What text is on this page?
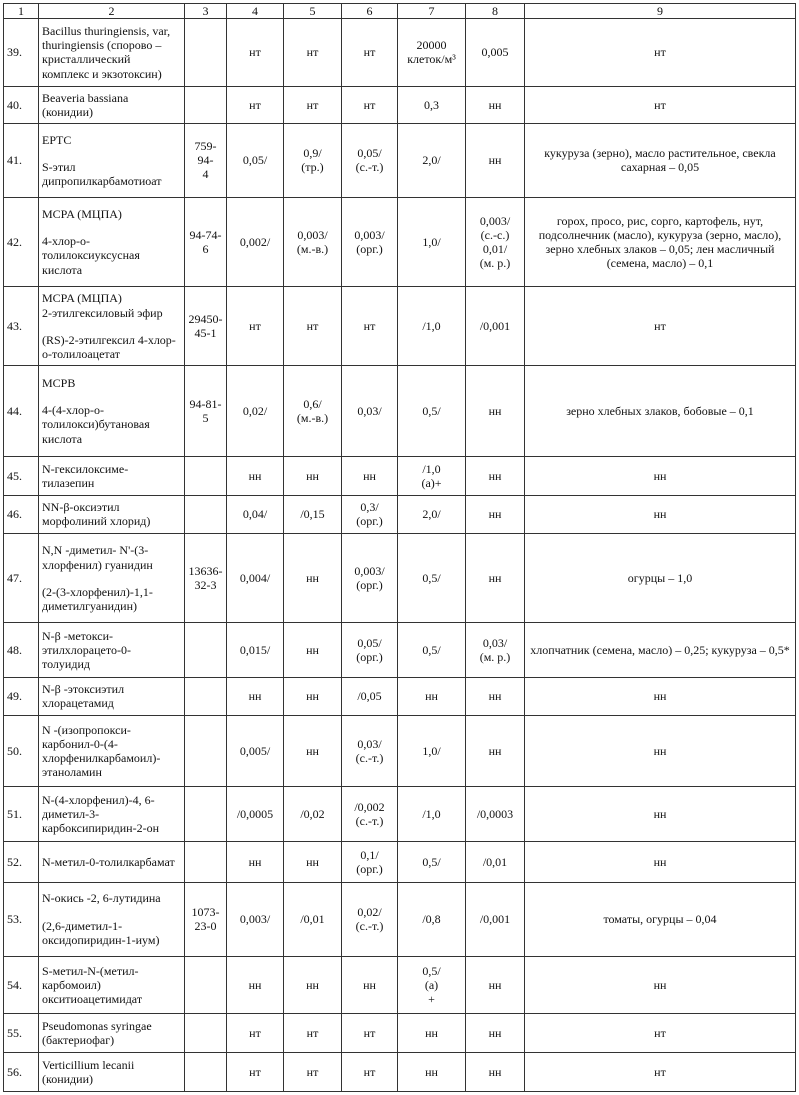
1	2	3	4	5	6	7	8	9
39.	Bacillus thuringiensis, var,
thuringiensis (спорово –
кристаллический
комплекс и экзотоксин)		нт	нт	нт	20000
клеток/м³	0,005	нт

40.	Beaveria bassiana
(конидии)		нт	нт	нт	0,3	нн	нт

41.	EPTC
S-этил
дипропилкарбамотиоат	759-94-
4	0,05/	0,9/
(тр.)	0,05/
(с.-т.)	2,0/	нн	кукуруза (зерно), масло растительное, свекла
сахарная – 0,05

42.	MCPA (МЦПА)
4-хлор-о-
толилоксиуксусная
кислота	94-74-6	0,002/	0,003/
(м.-в.)	0,003/
(орг.)	1,0/	0,003/
(с.-с.)
0,01/
(м. р.)	горох, просо, рис, сорго, картофель, нут,
подсолнечник (масло), кукуруза (зерно, масло),
зерно хлебных злаков – 0,05; лен масличный
(семена, масло) – 0,1

43.	MCPA (МЦПА)
2-этилгексиловый эфир
(RS)-2-этилгексил 4-хлор-
о-толилоацетат	29450-
45-1	нт	нт	нт	/1,0	/0,001	нт

44.	MCPB
4-(4-хлор-о-
толилокси)бутановая
кислота	94-81-5	0,02/	0,6/
(м.-в.)	0,03/	0,5/	нн	зерно хлебных злаков, бобовые – 0,1

45.	N-гексилоксиме-
тилазепин		нн	нн	нн	/1,0
(а)+	нн	нн

46.	NN-β-оксиэтил
морфолиний хлорид)		0,04/	/0,15	0,3/
(орг.)	2,0/	нн	нн

47.	N,N -диметил- N'-(3-
хлорфенил) гуанидин
(2-(3-хлорфенил)-1,1-
диметилгуанидин)	13636-
32-3	0,004/	нн	0,003/
(орг.)	0,5/	нн	огурцы – 1,0

48.	N-β -метокси-
этилхлорацето-0-
толуидид		0,015/	нн	0,05/
(орг.)	0,5/	0,03/
(м. р.)	хлопчатник (семена, масло) – 0,25; кукуруза – 0,5*

49.	N-β -этоксиэтил
хлорацетамид		нн	нн	/0,05	нн	нн	нн

50.	N -(изопропокси-
карбонил-0-(4-
хлорфенилкарбамоил)-
этаноламин		0,005/	нн	0,03/
(с.-т.)	1,0/	нн	нн

51.	N-(4-хлорфенил)-4, 6-
диметил-3-
карбоксипиридин-2-он		/0,0005	/0,02	/0,002
(с.-т.)	/1,0	/0,0003	нн

52.	N-метил-0-толилкарбамат		нн	нн	0,1/
(орг.)	0,5/	/0,01	нн

53.	N-окись -2, 6-лутидина
(2,6-диметил-1-
оксидопиридин-1-иум)	1073-
23-0	0,003/	/0,01	0,02/
(с.-т.)	/0,8	/0,001	томаты, огурцы – 0,04

54.	S-метил-N-(метил-
карбомоил)
окситиоацетимидат		нн	нн	нн	0,5/
(а)
+	нн	нн

55.	Pseudomonas syringae
(бактериофаг)		нт	нт	нт	нн	нн	нт

56.	Verticillium lecanii
(конидии)		нт	нт	нт	нн	нн	нт
